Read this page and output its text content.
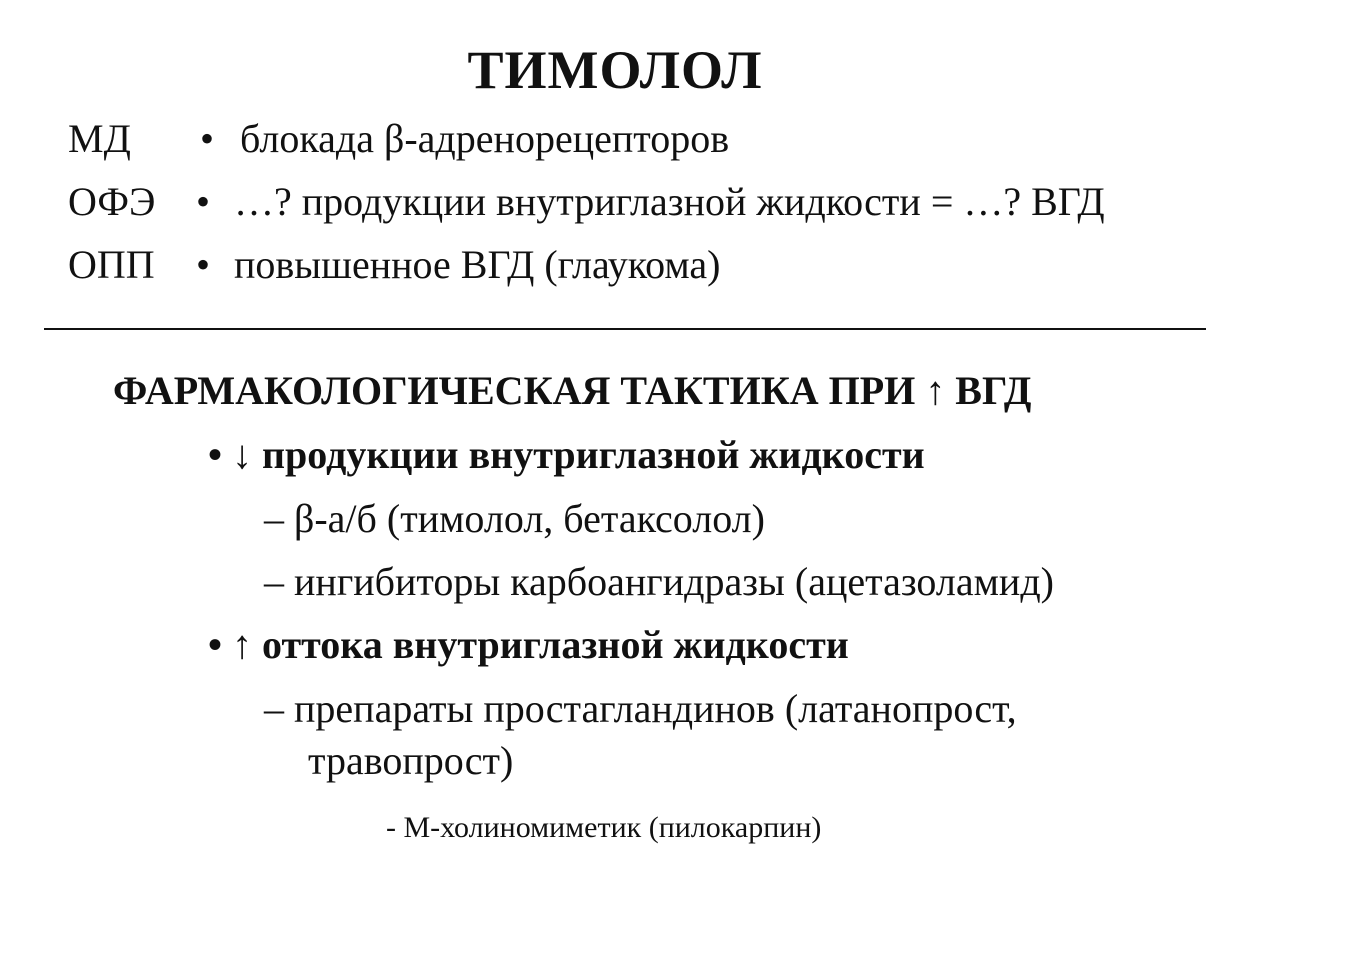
ТИМОЛОЛ
МД • блокада β-адренорецепторов
ОФЭ • …? продукции внутриглазной жидкости = …? ВГД
ОПП • повышенное ВГД (глаукома)
ФАРМАКОЛОГИЧЕСКАЯ ТАКТИКА ПРИ ↑ ВГД
• ↓ продукции внутриглазной жидкости
– β-а/б (тимолол, бетаксолол)
– ингибиторы карбоангидразы (ацетазоламид)
• ↑ оттока внутриглазной жидкости
– препараты простагландинов (латанопрост,
травопрост)
- М-холиномиметик (пилокарпин)
